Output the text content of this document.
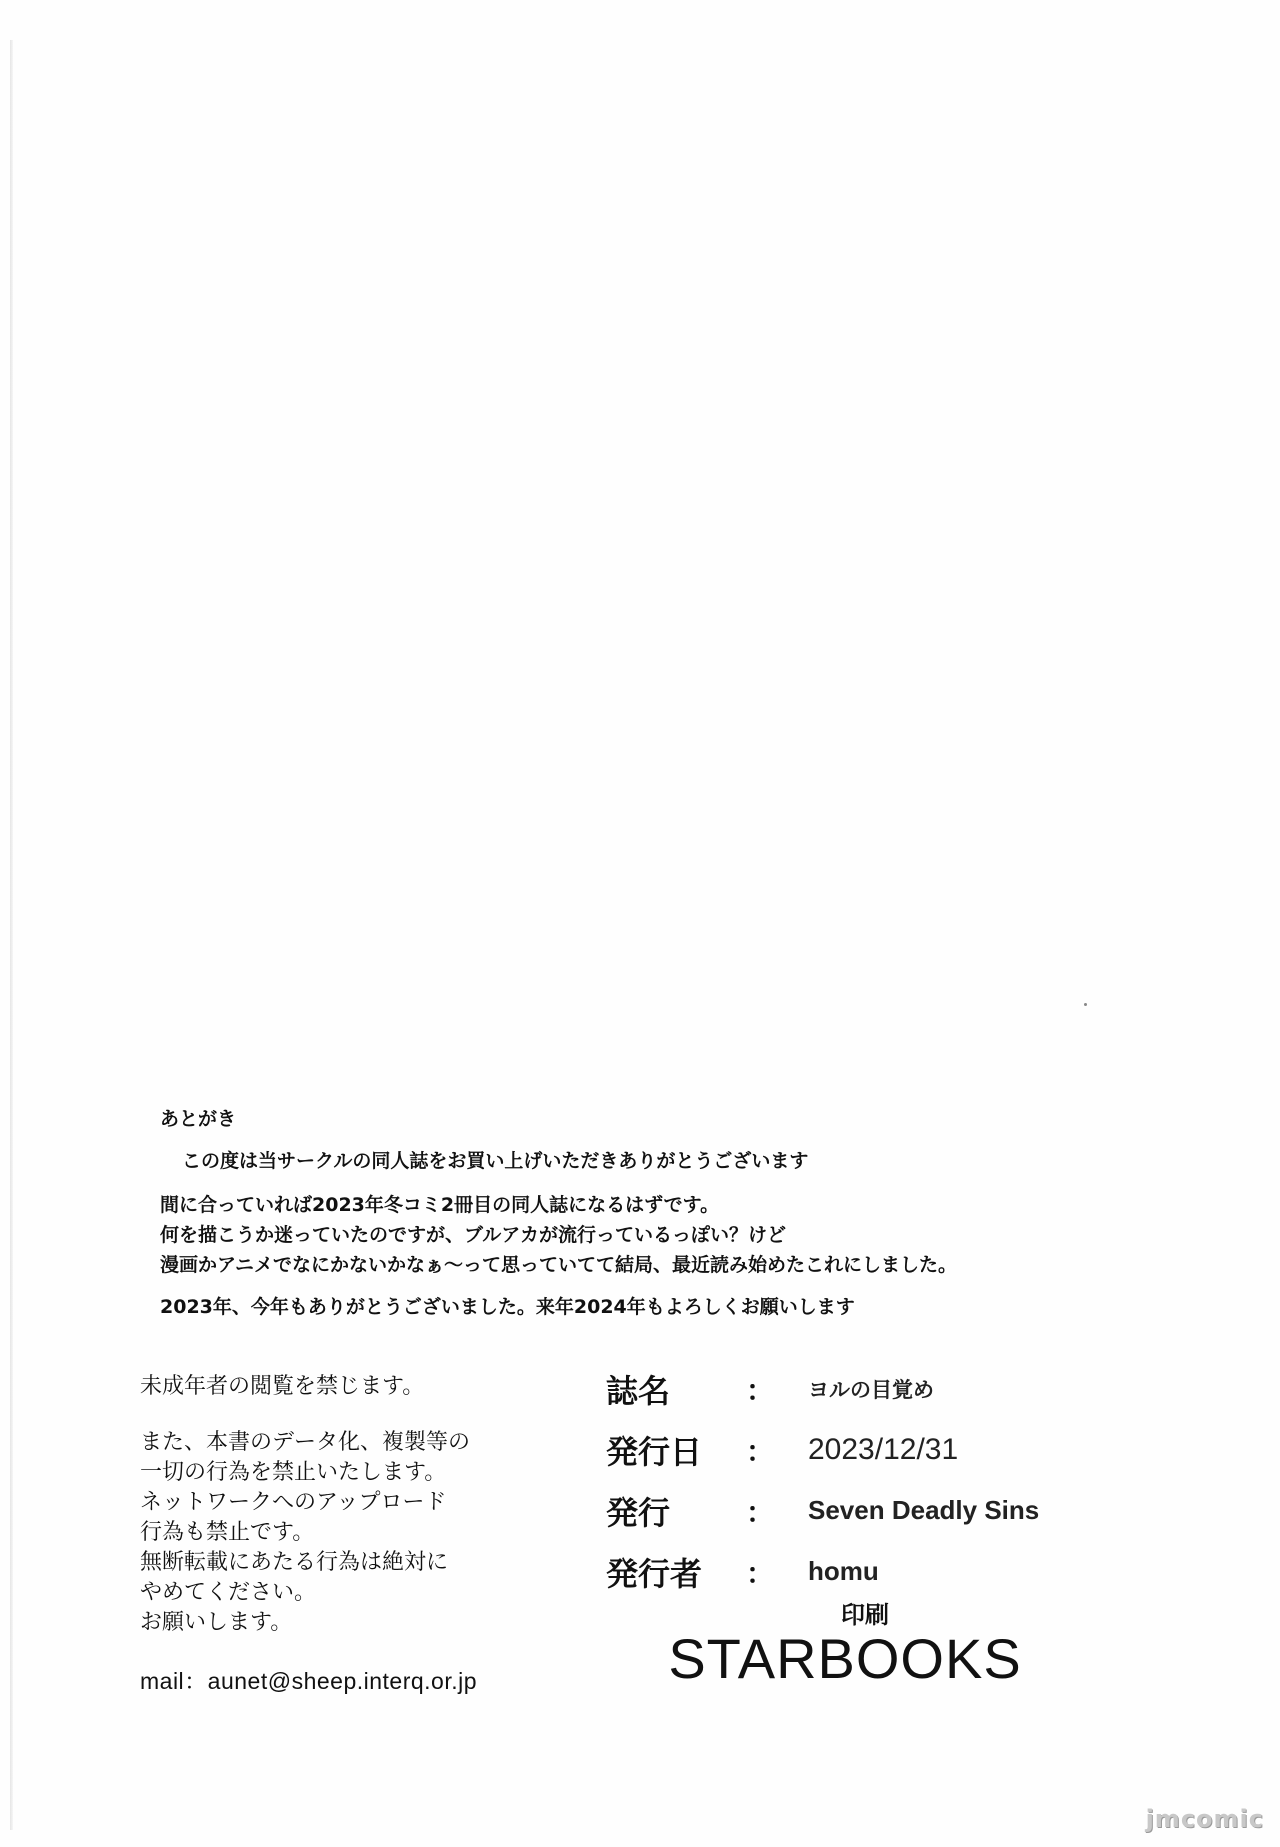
あとがき

この度は当サークルの同人誌をお買い上げいただきありがとうございます

間に合っていれば2023年冬コミ2冊目の同人誌になるはずです。

何を描こうか迷っていたのですが、ブルアカが流行っているっぽい？けど

漫画かアニメでなにかないかなぁ～って思っていてて結局、最近読み始めたこれにしました。

2023年、今年もありがとうございました。来年2024年もよろしくお願いします

未成年者の閲覧を禁じます。

また、本書のデータ化、複製等の

一切の行為を禁止いたします。

ネットワークへのアップロード

行為も禁止です。

無断転載にあたる行為は絶対に

やめてください。

お願いします。

mail：aunet@sheep.interq.or.jp

誌名	：	ヨルの目覚め
発行日	：	2023/12/31
発行	：	Seven Deadly Sins
発行者	：	homu
印刷
STARBOOKS
jmcomic
